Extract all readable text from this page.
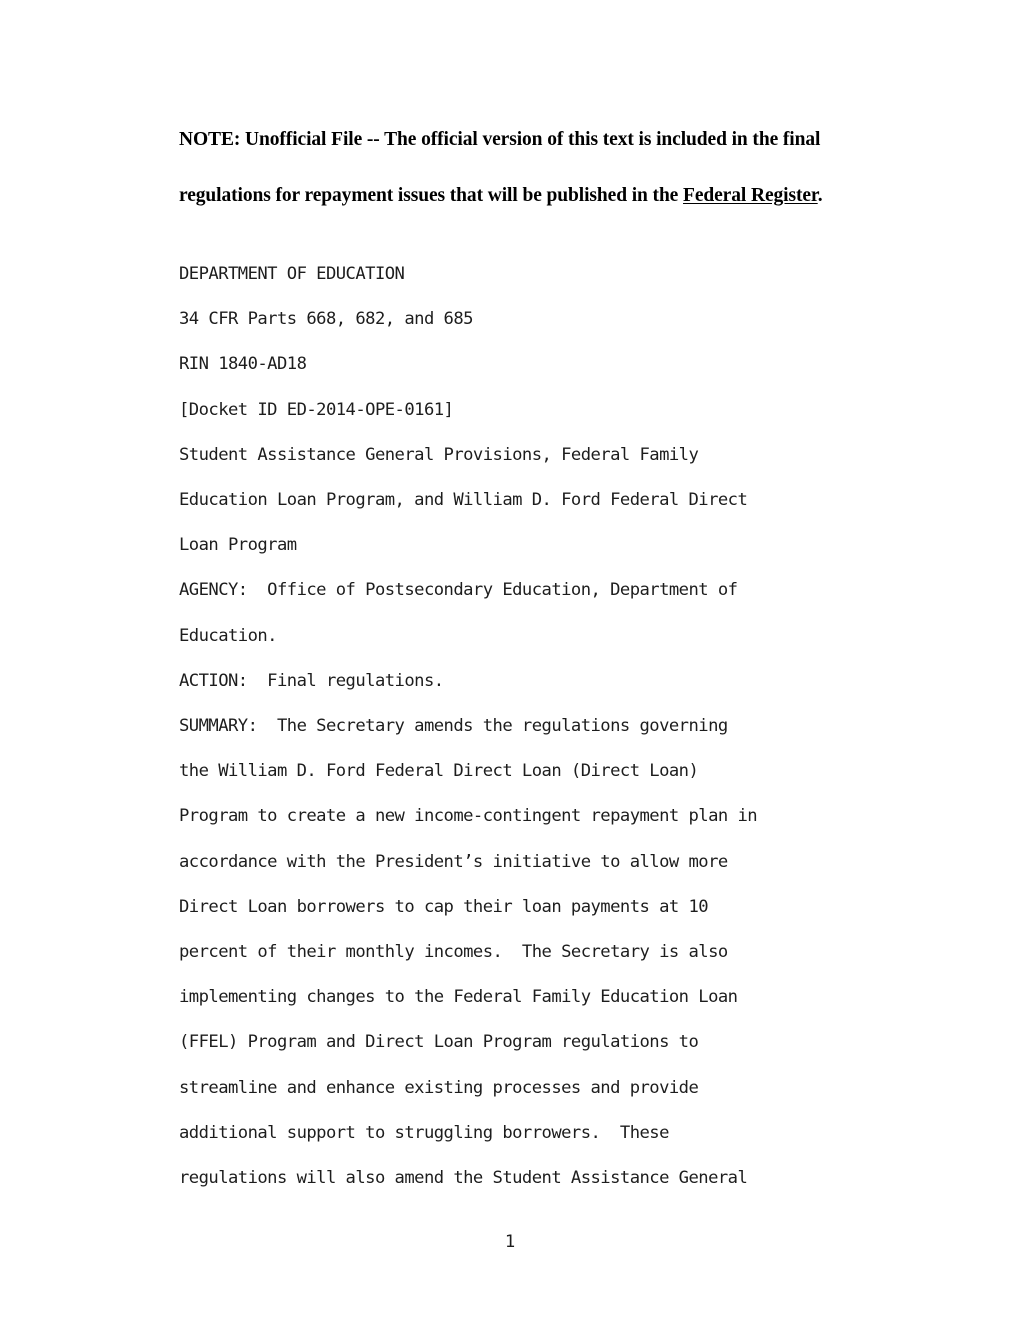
NOTE: Unofficial File -- The official version of this text is included in the final
regulations for repayment issues that will be published in the Federal Register.
DEPARTMENT OF EDUCATION
34 CFR Parts 668, 682, and 685
RIN 1840-AD18
[Docket ID ED-2014-OPE-0161]
Student Assistance General Provisions, Federal Family
Education Loan Program, and William D. Ford Federal Direct
Loan Program
AGENCY:  Office of Postsecondary Education, Department of
Education.
ACTION:  Final regulations.
SUMMARY:  The Secretary amends the regulations governing
the William D. Ford Federal Direct Loan (Direct Loan)
Program to create a new income-contingent repayment plan in
accordance with the President’s initiative to allow more
Direct Loan borrowers to cap their loan payments at 10
percent of their monthly incomes.  The Secretary is also
implementing changes to the Federal Family Education Loan
(FFEL) Program and Direct Loan Program regulations to
streamline and enhance existing processes and provide
additional support to struggling borrowers.  These
regulations will also amend the Student Assistance General
1
